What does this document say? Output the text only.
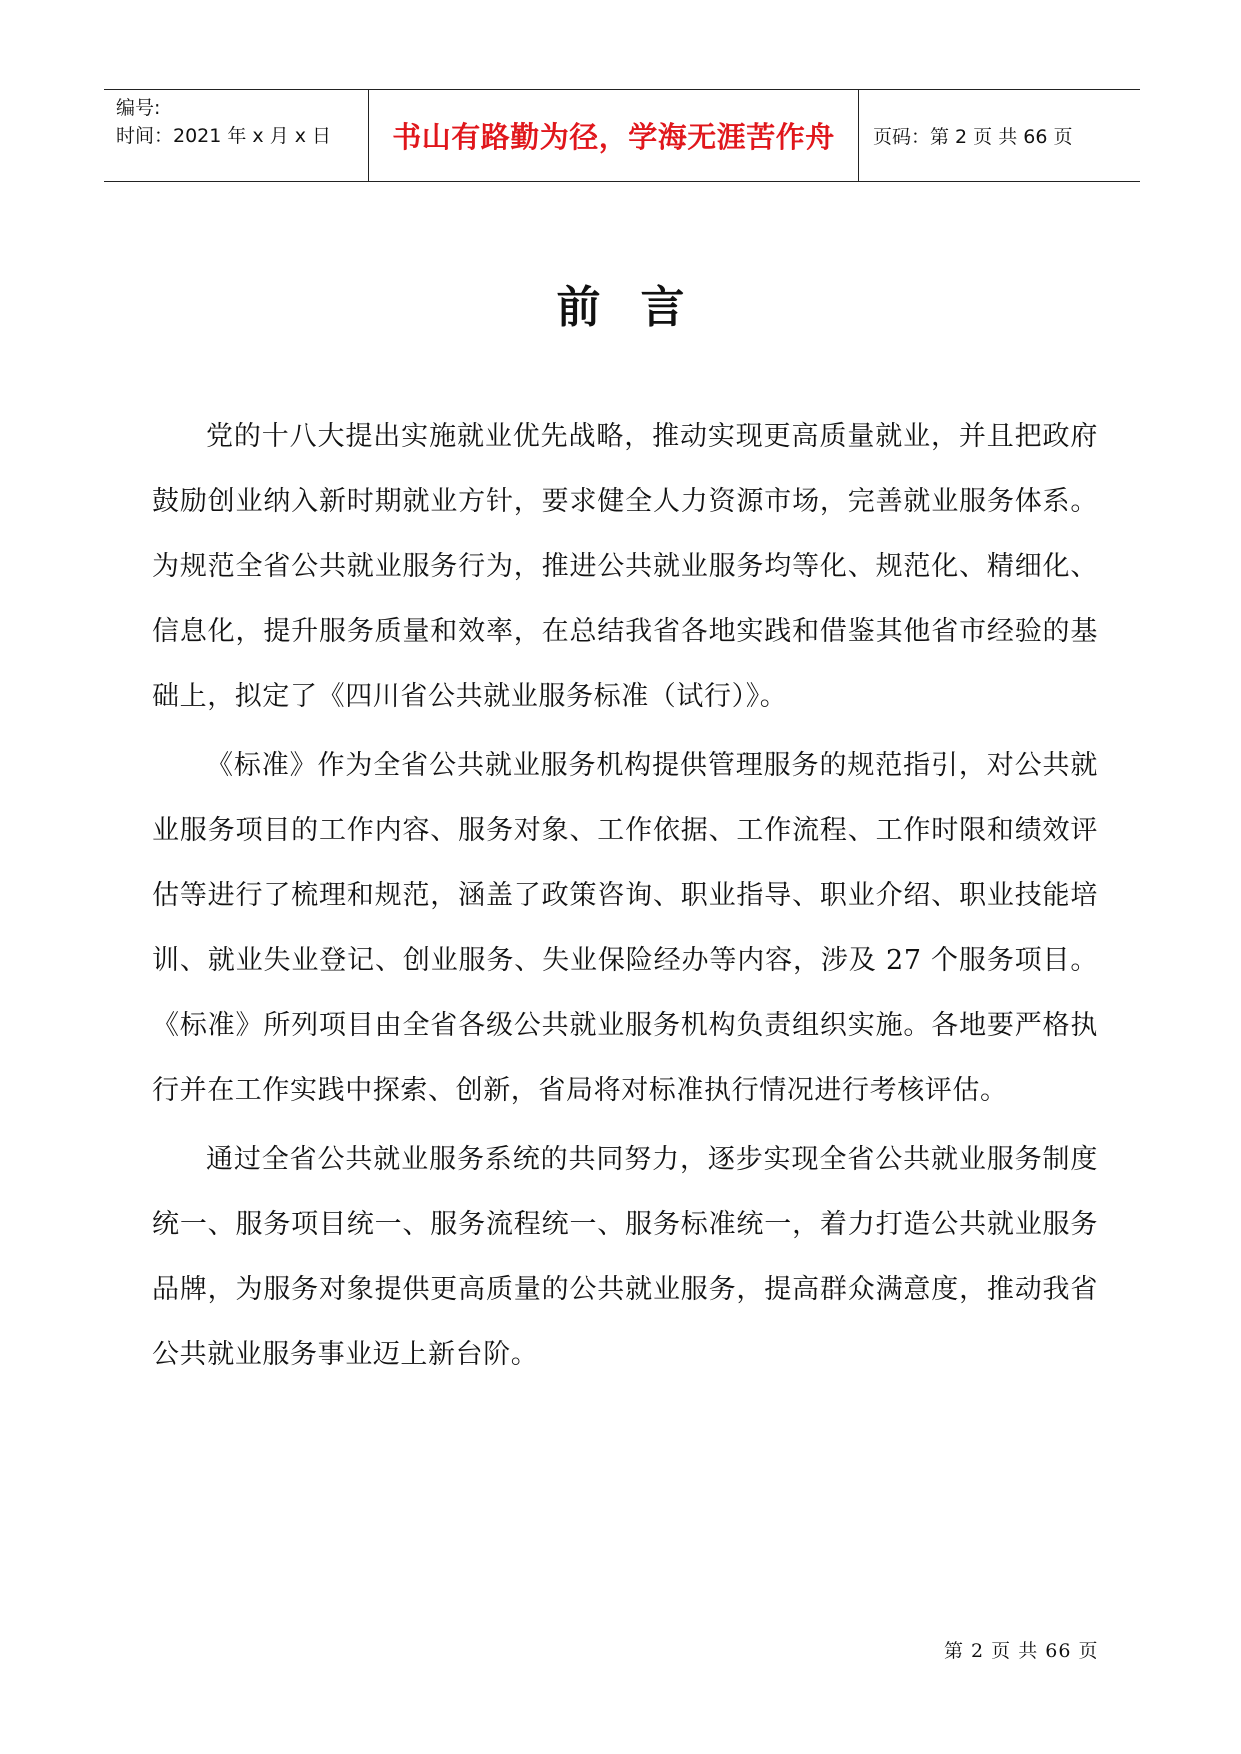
编号:
时间：2021 年 x 月 x 日	书山有路勤为径，学海无涯苦作舟	页码：第 2 页 共 66 页
前言

党的十八大提出实施就业优先战略，推动实现更高质量就业，并且把政府鼓励创业纳入新时期就业方针，要求健全人力资源市场，完善就业服务体系。为规范全省公共就业服务行为，推进公共就业服务均等化、规范化、精细化、信息化，提升服务质量和效率，在总结我省各地实践和借鉴其他省市经验的基础上，拟定了《四川省公共就业服务标准（试行）》。

《标准》作为全省公共就业服务机构提供管理服务的规范指引，对公共就业服务项目的工作内容、服务对象、工作依据、工作流程、工作时限和绩效评估等进行了梳理和规范，涵盖了政策咨询、职业指导、职业介绍、职业技能培训、就业失业登记、创业服务、失业保险经办等内容，涉及 27 个服务项目。《标准》所列项目由全省各级公共就业服务机构负责组织实施。各地要严格执行并在工作实践中探索、创新，省局将对标准执行情况进行考核评估。

通过全省公共就业服务系统的共同努力，逐步实现全省公共就业服务制度统一、服务项目统一、服务流程统一、服务标准统一，着力打造公共就业服务品牌，为服务对象提供更高质量的公共就业服务，提高群众满意度，推动我省公共就业服务事业迈上新台阶。

第 2 页 共 66 页
